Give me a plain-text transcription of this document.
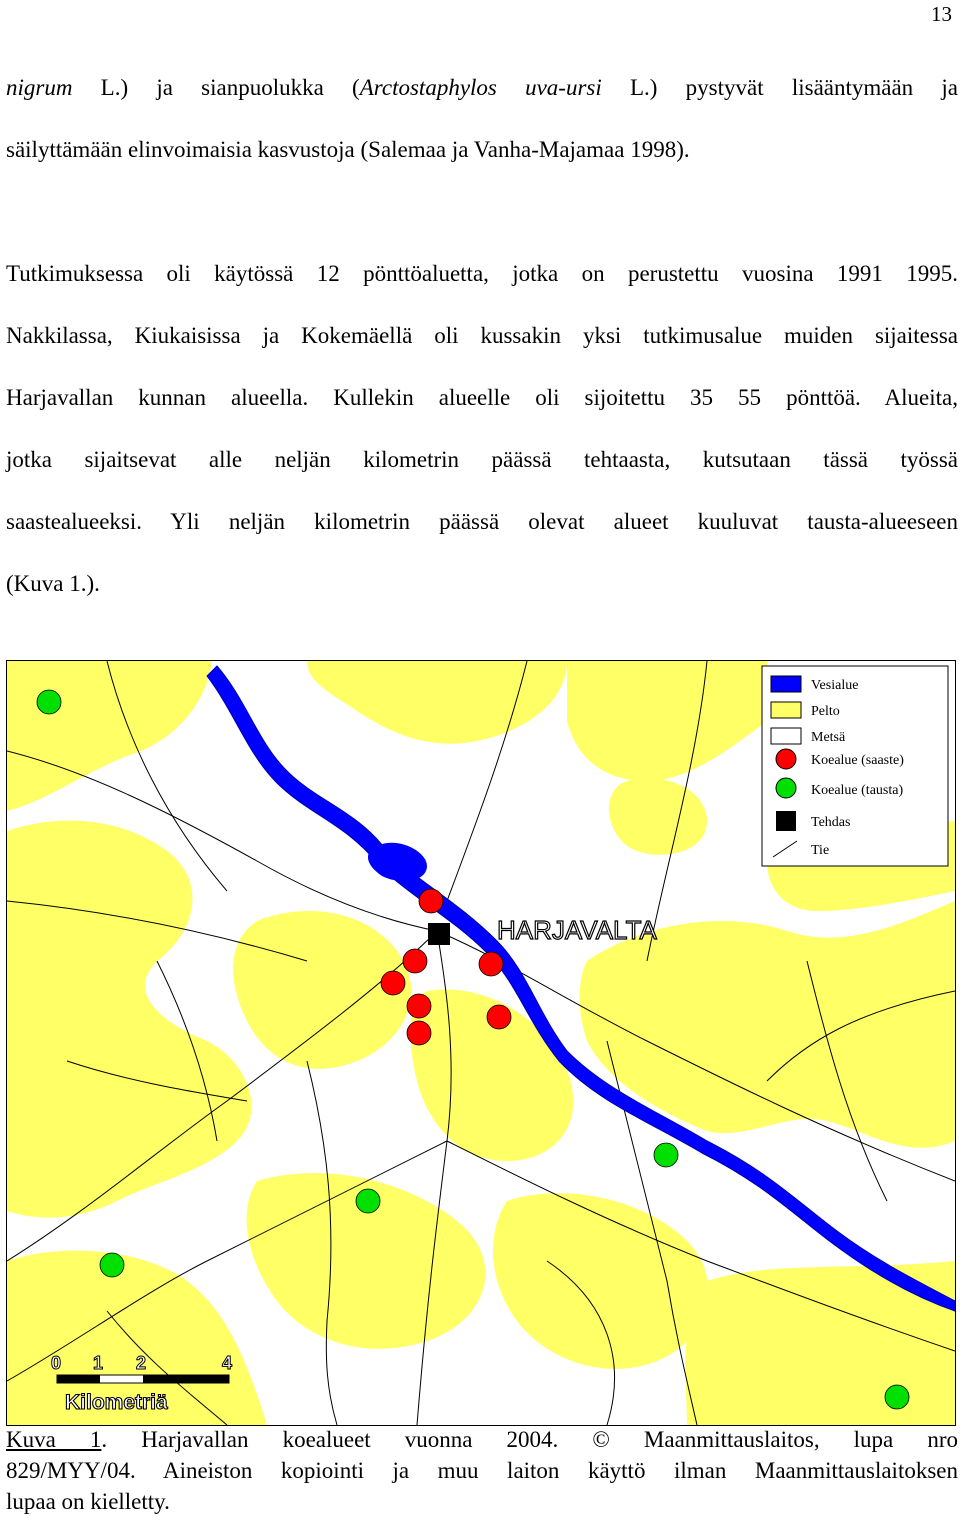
13

nigrum L.) ja sianpuolukka (Arctostaphylos uva-ursi L.) pystyvät lisääntymään ja
säilyttämään elinvoimaisia kasvustoja (Salemaa ja Vanha-Majamaa 1998).

Tutkimuksessa oli käytössä 12 pönttöaluetta, jotka on perustettu vuosina 1991 1995.
Nakkilassa, Kiukaisissa ja Kokemäellä oli kussakin yksi tutkimusalue muiden sijaitessa
Harjavallan kunnan alueella. Kullekin alueelle oli sijoitettu 35 55 pönttöä. Alueita,
jotka sijaitsevat alle neljän kilometrin päässä tehtaasta, kutsutaan tässä työssä
saastealueeksi. Yli neljän kilometrin päässä olevat alueet kuuluvat tausta-alueeseen
(Kuva 1.).

Vesialue
Pelto
Metsä
Koealue (saaste)
Koealue (tausta)
Tehdas
Tie
HARJAVALTA
0 1 2	4
Kilometriä

Kuva 1. Harjavallan koealueet vuonna 2004. © Maanmittauslaitos, lupa nro
829/MYY/04. Aineiston kopiointi ja muu laiton käyttö ilman Maanmittauslaitoksen
lupaa on kielletty.
